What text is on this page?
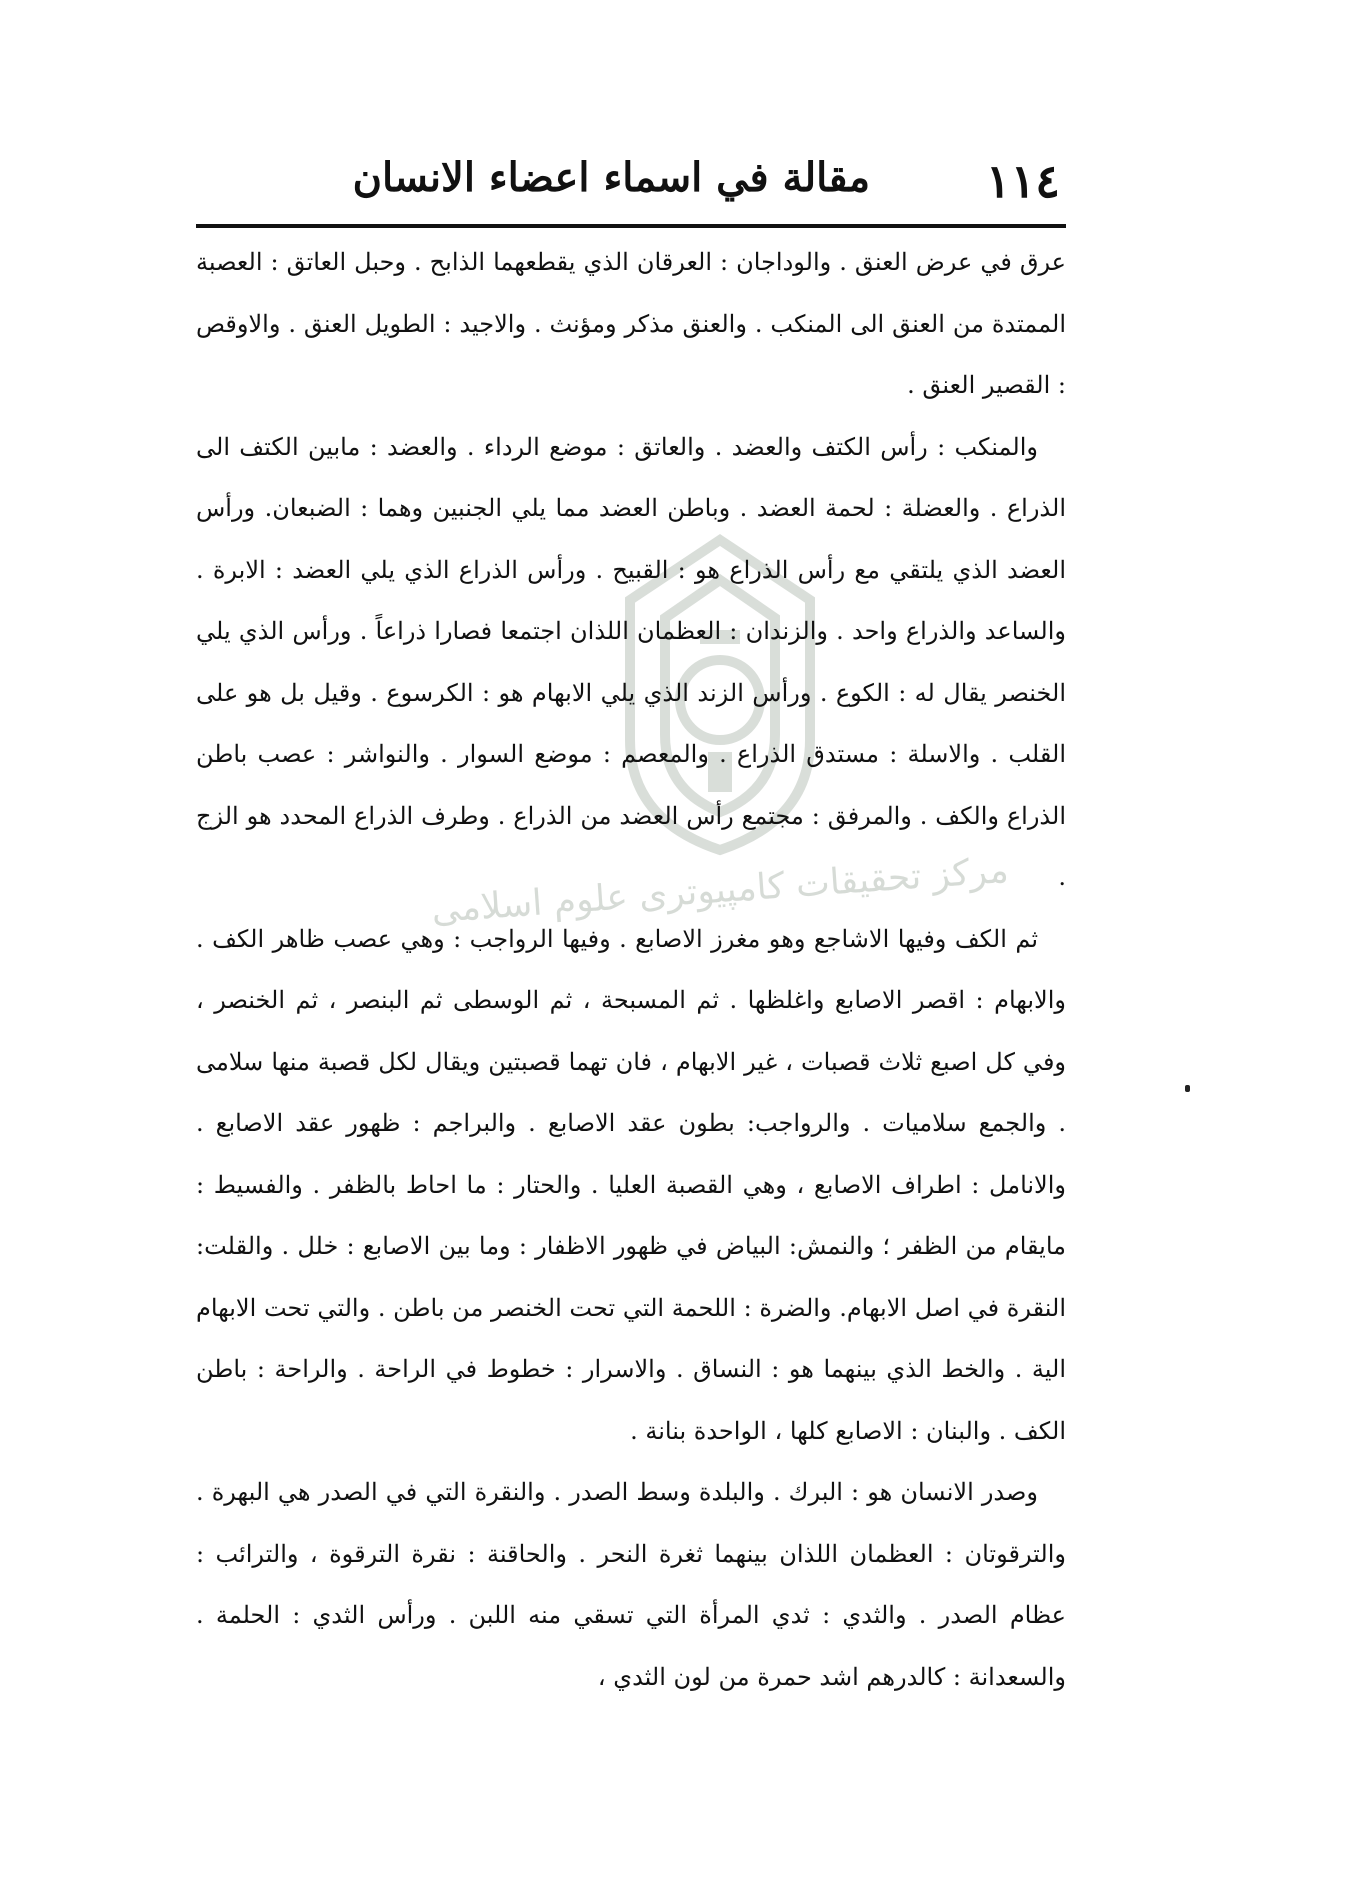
١١٤
مقالة في اسماء اعضاء الانسان
مرکز تحقیقات کامپیوتری علوم اسلامی

عرق في عرض العنق . والوداجان : العرقان الذي يقطعهما الذابح . وحبل العاتق : العصبة الممتدة من العنق الى المنكب . والعنق مذكر ومؤنث . والاجيد : الطويل العنق . والاوقص : القصير العنق .

والمنكب : رأس الكتف والعضد . والعاتق : موضع الرداء . والعضد : مابين الكتف الى الذراع . والعضلة : لحمة العضد . وباطن العضد مما يلي الجنبين وهما : الضبعان. ورأس العضد الذي يلتقي مع رأس الذراع هو : القبيح . ورأس الذراع الذي يلي العضد : الابرة . والساعد والذراع واحد . والزندان : العظمان اللذان اجتمعا فصارا ذراعاً . ورأس الذي يلي الخنصر يقال له : الكوع . ورأس الزند الذي يلي الابهام هو : الكرسوع . وقيل بل هو على القلب . والاسلة : مستدق الذراع . والمعصم : موضع السوار . والنواشر : عصب باطن الذراع والكف . والمرفق : مجتمع رأس العضد من الذراع . وطرف الذراع المحدد هو الزج .

ثم الكف وفيها الاشاجع وهو مغرز الاصابع . وفيها الرواجب : وهي عصب ظاهر الكف . والابهام : اقصر الاصابع واغلظها . ثم المسبحة ، ثم الوسطى ثم البنصر ، ثم الخنصر ، وفي كل اصبع ثلاث قصبات ، غير الابهام ، فان تهما قصبتين ويقال لكل قصبة منها سلامى . والجمع سلاميات . والرواجب: بطون عقد الاصابع . والبراجم : ظهور عقد الاصابع . والانامل : اطراف الاصابع ، وهي القصبة العليا . والحتار : ما احاط بالظفر . والفسيط : مايقام من الظفر ؛ والنمش: البياض في ظهور الاظفار : وما بين الاصابع : خلل . والقلت: النقرة في اصل الابهام. والضرة : اللحمة التي تحت الخنصر من باطن . والتي تحت الابهام الية . والخط الذي بينهما هو : النساق . والاسرار : خطوط في الراحة . والراحة : باطن الكف . والبنان : الاصابع كلها ، الواحدة بنانة .

وصدر الانسان هو : البرك . والبلدة وسط الصدر . والنقرة التي في الصدر هي البهرة . والترقوتان : العظمان اللذان بينهما ثغرة النحر . والحاقنة : نقرة الترقوة ، والترائب : عظام الصدر . والثدي : ثدي المرأة التي تسقي منه اللبن . ورأس الثدي : الحلمة . والسعدانة : كالدرهم اشد حمرة من لون الثدي ،
